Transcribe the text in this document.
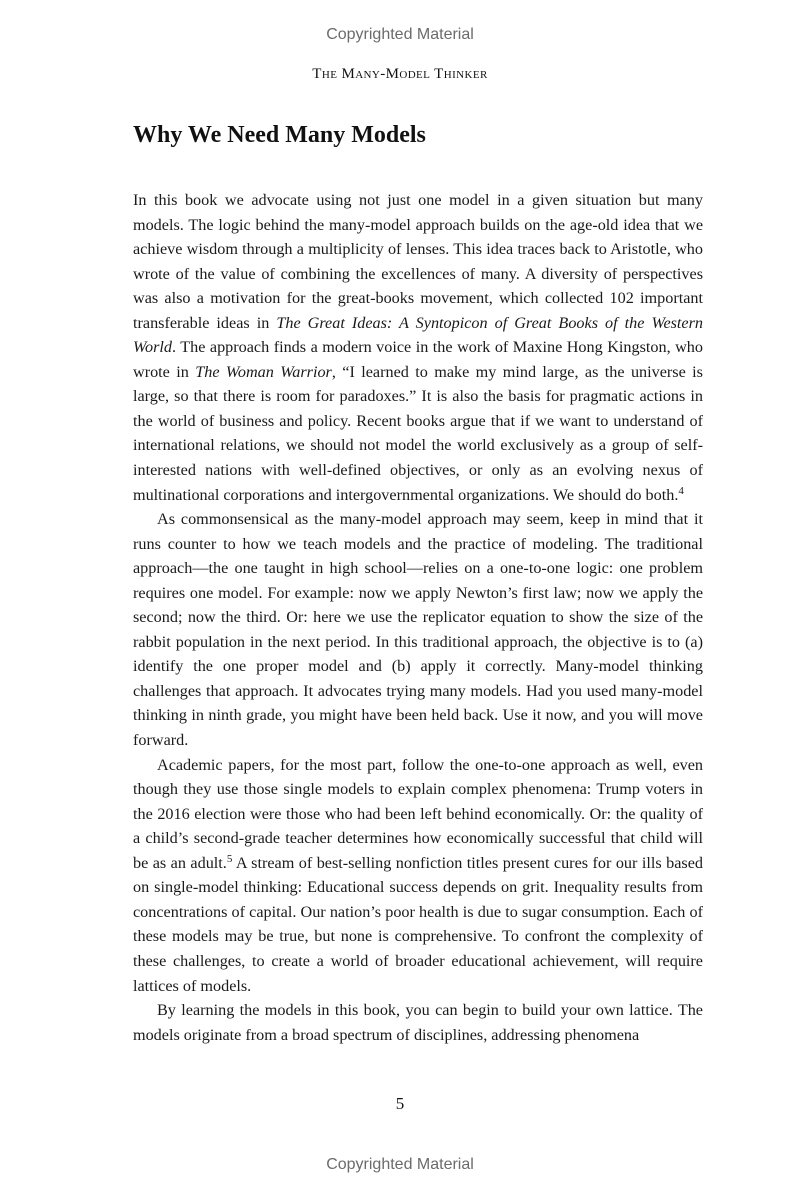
Copyrighted Material
The Many-Model Thinker
Why We Need Many Models

In this book we advocate using not just one model in a given situation but many models. The logic behind the many-model approach builds on the age-old idea that we achieve wisdom through a multiplicity of lenses. This idea traces back to Aristotle, who wrote of the value of combining the excellences of many. A diversity of perspectives was also a motivation for the great-books movement, which collected 102 important transferable ideas in The Great Ideas: A Syntopicon of Great Books of the Western World. The approach finds a modern voice in the work of Maxine Hong Kingston, who wrote in The Woman Warrior, “I learned to make my mind large, as the universe is large, so that there is room for paradoxes.” It is also the basis for pragmatic actions in the world of business and policy. Recent books argue that if we want to understand of international relations, we should not model the world exclusively as a group of self-interested nations with well-defined objectives, or only as an evolving nexus of multinational corporations and intergovernmental organizations. We should do both.$^4$

As commonsensical as the many-model approach may seem, keep in mind that it runs counter to how we teach models and the practice of modeling. The traditional approach—the one taught in high school—relies on a one-to-one logic: one problem requires one model. For example: now we apply Newton’s first law; now we apply the second; now the third. Or: here we use the replicator equation to show the size of the rabbit population in the next period. In this traditional approach, the objective is to (a) identify the one proper model and (b) apply it correctly. Many-model thinking challenges that approach. It advocates trying many models. Had you used many-model thinking in ninth grade, you might have been held back. Use it now, and you will move forward.

Academic papers, for the most part, follow the one-to-one approach as well, even though they use those single models to explain complex phenomena: Trump voters in the 2016 election were those who had been left behind economically. Or: the quality of a child’s second-grade teacher determines how economically successful that child will be as an adult.$^5$ A stream of best-selling nonfiction titles present cures for our ills based on single-model thinking: Educational success depends on grit. Inequality results from concentrations of capital. Our nation’s poor health is due to sugar consumption. Each of these models may be true, but none is comprehensive. To confront the complexity of these challenges, to create a world of broader educational achievement, will require lattices of models.

By learning the models in this book, you can begin to build your own lattice. The models originate from a broad spectrum of disciplines, addressing phenomena

5
Copyrighted Material
